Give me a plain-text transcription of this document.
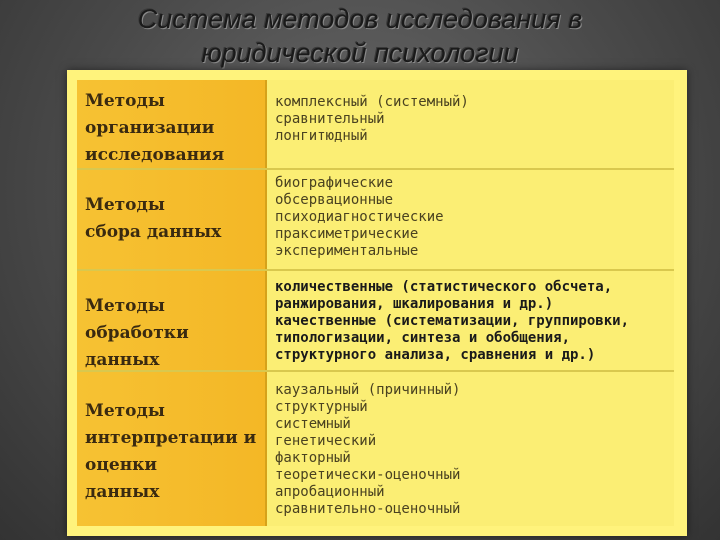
Система методов исследования в
юридической психологии
Методы
организации
исследования
комплексный (системный)
сравнительный
лонгитюдный
Методы
сбора данных
биографические
обсервационные
психодиагностические
праксиметрические
экспериментальные
Методы
обработки данных
количественные (статистического обсчета,
ранжирования, шкалирования и др.)
качественные (систематизации, группировки,
типологизации, синтеза и обобщения,
структурного анализа, сравнения и др.)
Методы
интерпретации и
оценки
данных
каузальный (причинный)
структурный
системный
генетический
факторный
теоретически-оценочный
апробационный
сравнительно-оценочный
